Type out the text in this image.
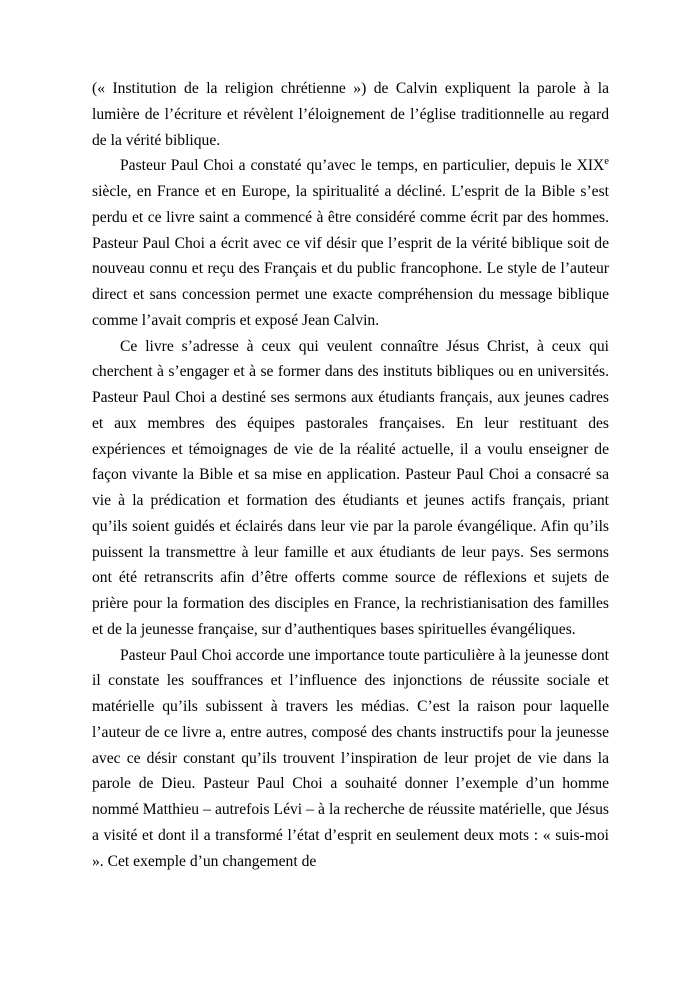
(« Institution de la religion chrétienne ») de Calvin expliquent la parole à la lumière de l’écriture et révèlent l’éloignement de l’église traditionnelle au regard de la vérité biblique.

Pasteur Paul Choi a constaté qu’avec le temps, en particulier, depuis le XIXe siècle, en France et en Europe, la spiritualité a décliné. L’esprit de la Bible s’est perdu et ce livre saint a commencé à être considéré comme écrit par des hommes. Pasteur Paul Choi a écrit avec ce vif désir que l’esprit de la vérité biblique soit de nouveau connu et reçu des Français et du public francophone. Le style de l’auteur direct et sans concession permet une exacte compréhension du message biblique comme l’avait compris et exposé Jean Calvin.

Ce livre s’adresse à ceux qui veulent connaître Jésus Christ, à ceux qui cherchent à s’engager et à se former dans des instituts bibliques ou en universités. Pasteur Paul Choi a destiné ses sermons aux étudiants français, aux jeunes cadres et aux membres des équipes pastorales françaises. En leur restituant des expériences et témoignages de vie de la réalité actuelle, il a voulu enseigner de façon vivante la Bible et sa mise en application. Pasteur Paul Choi a consacré sa vie à la prédication et formation des étudiants et jeunes actifs français, priant qu’ils soient guidés et éclairés dans leur vie par la parole évangélique. Afin qu’ils puissent la transmettre à leur famille et aux étudiants de leur pays. Ses sermons ont été retranscrits afin d’être offerts comme source de réflexions et sujets de prière pour la formation des disciples en France, la rechristianisation des familles et de la jeunesse française, sur d’authentiques bases spirituelles évangéliques.

Pasteur Paul Choi accorde une importance toute particulière à la jeunesse dont il constate les souffrances et l’influence des injonctions de réussite sociale et matérielle qu’ils subissent à travers les médias. C’est la raison pour laquelle l’auteur de ce livre a, entre autres, composé des chants instructifs pour la jeunesse avec ce désir constant qu’ils trouvent l’inspiration de leur projet de vie dans la parole de Dieu. Pasteur Paul Choi a souhaité donner l’exemple d’un homme nommé Matthieu – autrefois Lévi – à la recherche de réussite matérielle, que Jésus a visité et dont il a transformé l’état d’esprit en seulement deux mots : « suis-moi ». Cet exemple d’un changement de
